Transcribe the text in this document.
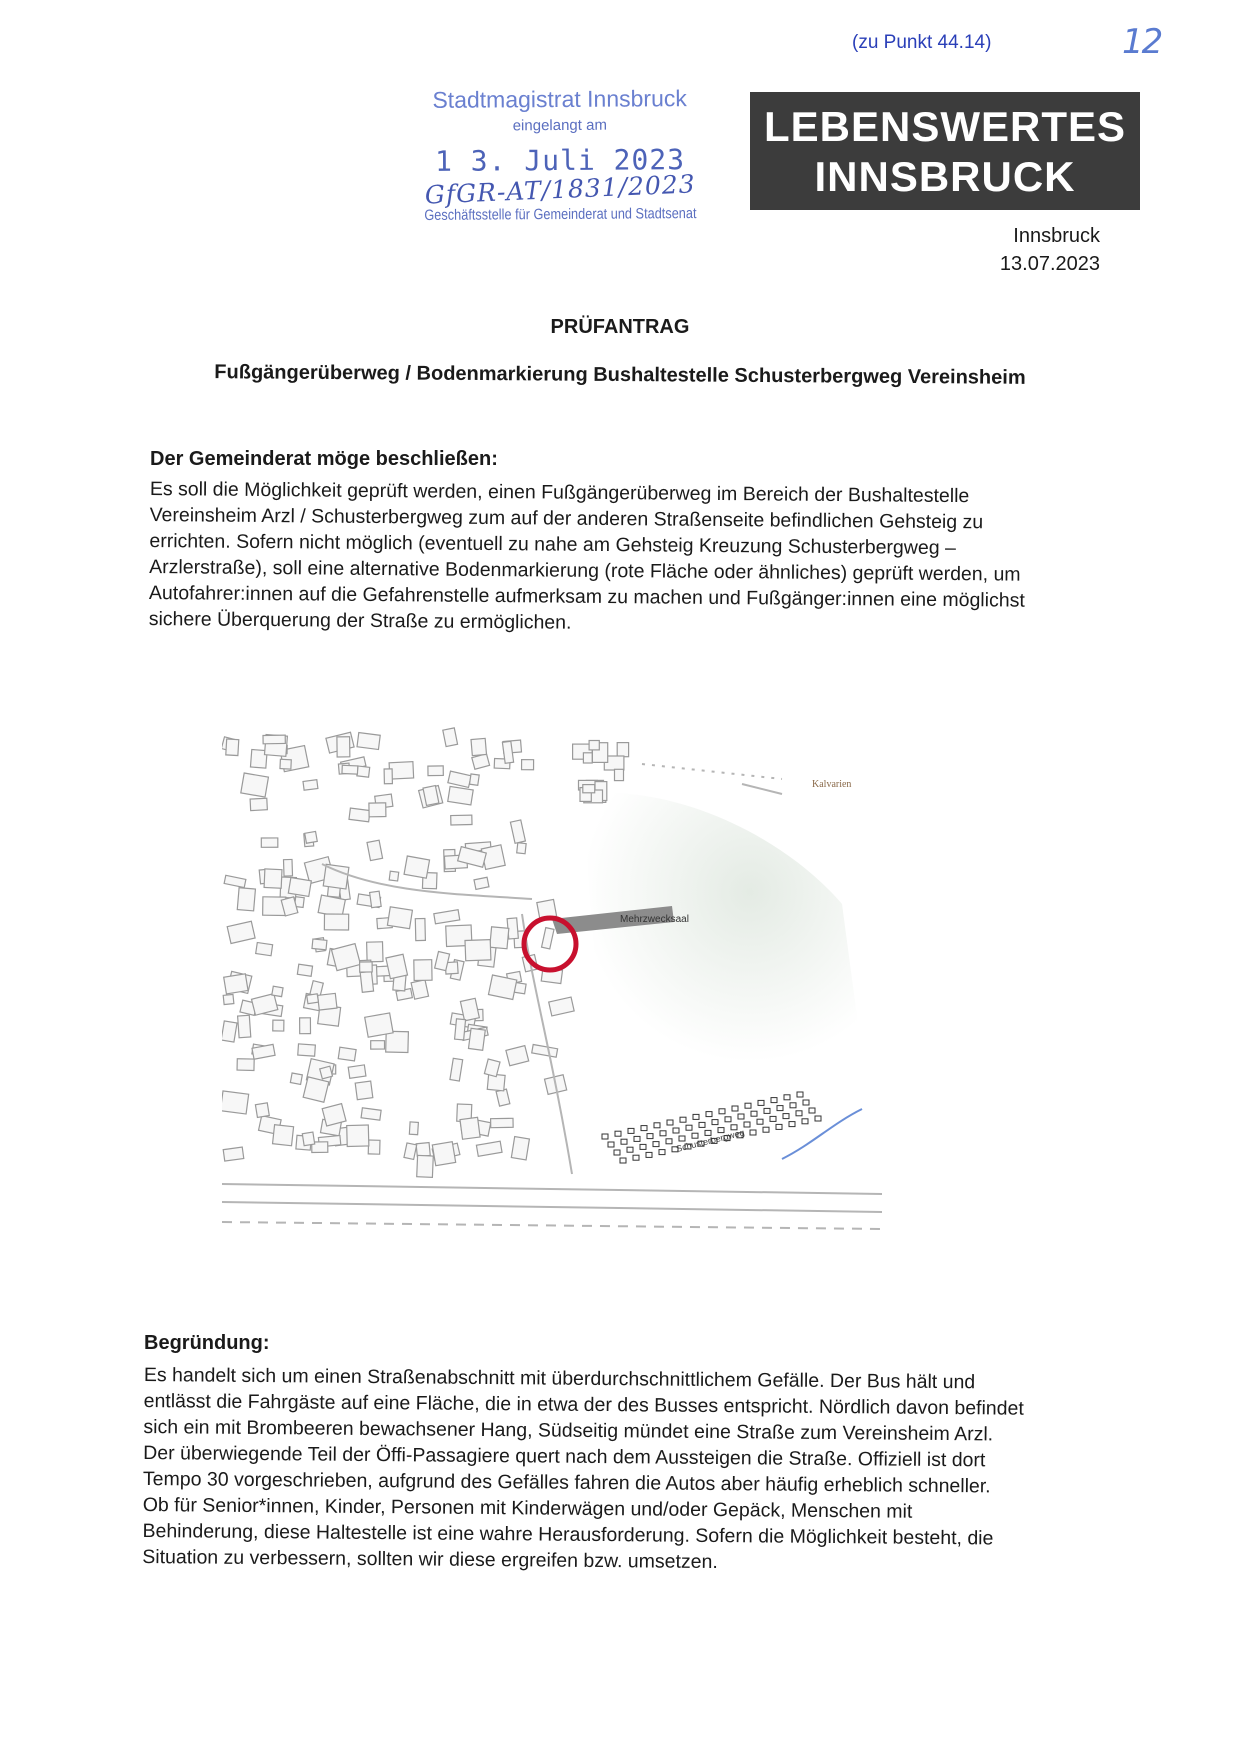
(zu Punkt 44.14)	12
Stadtmagistrat Innsbruck
eingelangt am
1 3. Juli 2023
GfGR-AT/1831/2023
Geschäftsstelle für Gemeinderat und Stadtsenat
LEBENSWERTES
INNSBRUCK
Innsbruck
13.07.2023
PRÜFANTRAG
Fußgängerüberweg / Bodenmarkierung Bushaltestelle Schusterbergweg Vereinsheim
Der Gemeinderat möge beschließen:
Es soll die Möglichkeit geprüft werden, einen Fußgängerüberweg im Bereich der Bushaltestelle
Vereinsheim Arzl / Schusterbergweg zum auf der anderen Straßenseite befindlichen Gehsteig zu
errichten. Sofern nicht möglich (eventuell zu nahe am Gehsteig Kreuzung Schusterbergweg –
Arzlerstraße), soll eine alternative Bodenmarkierung (rote Fläche oder ähnliches) geprüft werden, um
Autofahrer:innen auf die Gefahrenstelle aufmerksam zu machen und Fußgänger:innen eine möglichst
sichere Überquerung der Straße zu ermöglichen.
Mehrzwecksaal
Kalvarien
Schusterbergweg
Begründung:
Es handelt sich um einen Straßenabschnitt mit überdurchschnittlichem Gefälle. Der Bus hält und
entlässt die Fahrgäste auf eine Fläche, die in etwa der des Busses entspricht. Nördlich davon befindet
sich ein mit Brombeeren bewachsener Hang, Südseitig mündet eine Straße zum Vereinsheim Arzl.
Der überwiegende Teil der Öffi-Passagiere quert nach dem Aussteigen die Straße. Offiziell ist dort
Tempo 30 vorgeschrieben, aufgrund des Gefälles fahren die Autos aber häufig erheblich schneller.
Ob für Senior*innen, Kinder, Personen mit Kinderwägen und/oder Gepäck, Menschen mit
Behinderung, diese Haltestelle ist eine wahre Herausforderung. Sofern die Möglichkeit besteht, die
Situation zu verbessern, sollten wir diese ergreifen bzw. umsetzen.
